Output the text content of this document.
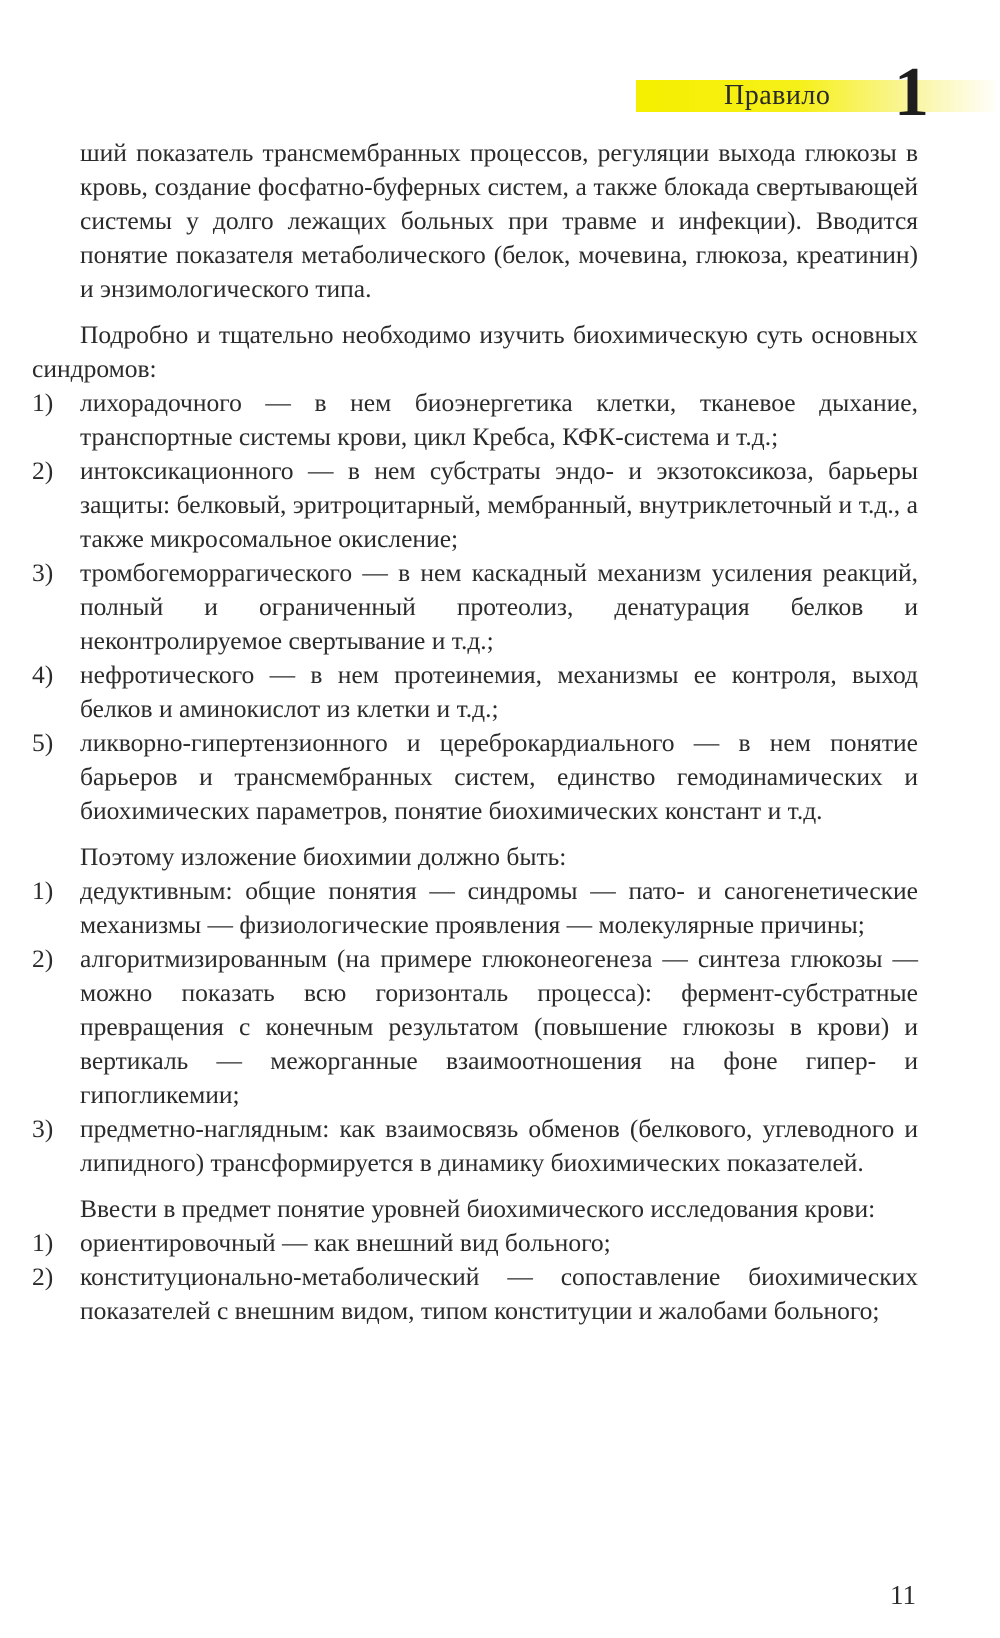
Правило 1

ший показатель трансмембранных процессов, регуляции выхода глюкозы в кровь, создание фосфатно-буферных систем, а также блокада свертывающей системы у долго лежащих больных при травме и инфекции). Вводится понятие показателя метаболического (белок, мочевина, глюкоза, креатинин) и энзимологического типа.

Подробно и тщательно необходимо изучить биохимическую суть основных синдромов:

1) лихорадочного — в нем биоэнергетика клетки, тканевое дыхание, транспортные системы крови, цикл Кребса, КФК-система и т.д.;
2) интоксикационного — в нем субстраты эндо- и экзотоксикоза, барьеры защиты: белковый, эритроцитарный, мембранный, внутриклеточный и т.д., а также микросомальное окисление;
3) тромбогеморрагического — в нем каскадный механизм усиления реакций, полный и ограниченный протеолиз, денатурация белков и неконтролируемое свертывание и т.д.;
4) нефротического — в нем протеинемия, механизмы ее контроля, выход белков и аминокислот из клетки и т.д.;
5) ликворно-гипертензионного и цереброкардиального — в нем понятие барьеров и трансмембранных систем, единство гемодинамических и биохимических параметров, понятие биохимических констант и т.д.

Поэтому изложение биохимии должно быть:

1) дедуктивным: общие понятия — синдромы — пато- и саногенетические механизмы — физиологические проявления — молекулярные причины;
2) алгоритмизированным (на примере глюконеогенеза — синтеза глюкозы — можно показать всю горизонталь процесса): фермент-субстратные превращения с конечным результатом (повышение глюкозы в крови) и вертикаль — межорганные взаимоотношения на фоне гипер- и гипогликемии;
3) предметно-наглядным: как взаимосвязь обменов (белкового, углеводного и липидного) трансформируется в динамику биохимических показателей.

Ввести в предмет понятие уровней биохимического исследования крови:

1) ориентировочный — как внешний вид больного;
2) конституционально-метаболический — сопоставление биохимических показателей с внешним видом, типом конституции и жалобами больного;
11
